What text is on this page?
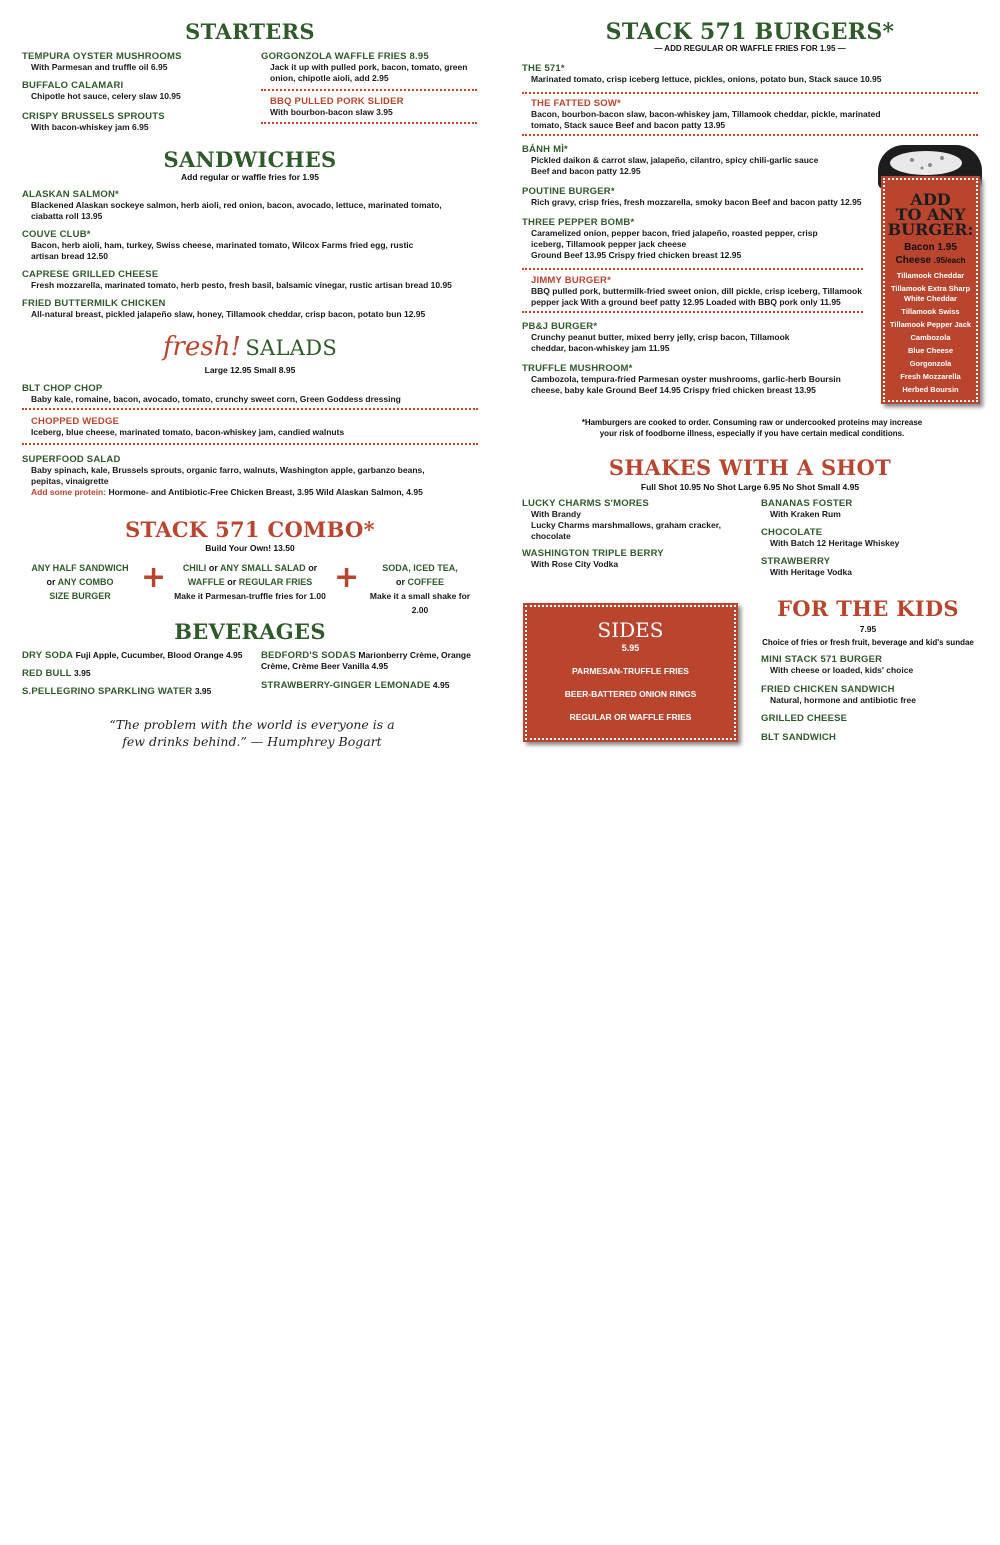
STARTERS
TEMPURA OYSTER MUSHROOMS
With Parmesan and truffle oil 6.95
BUFFALO CALAMARI
Chipotle hot sauce, celery slaw 10.95
CRISPY BRUSSELS SPROUTS
With bacon-whiskey jam 6.95
GORGONZOLA WAFFLE FRIES 8.95
Jack it up with pulled pork, bacon, tomato, green onion, chipotle aioli, add 2.95
BBQ PULLED PORK SLIDER
With bourbon-bacon slaw 3.95
SANDWICHES
Add regular or waffle fries for 1.95
ALASKAN SALMON*
Blackened Alaskan sockeye salmon, herb aioli, red onion, bacon, avocado, lettuce, marinated tomato, ciabatta roll 13.95
COUVE CLUB*
Bacon, herb aioli, ham, turkey, Swiss cheese, marinated tomato, Wilcox Farms fried egg, rustic artisan bread 12.50
CAPRESE GRILLED CHEESE
Fresh mozzarella, marinated tomato, herb pesto, fresh basil, balsamic vinegar, rustic artisan bread 10.95
FRIED BUTTERMILK CHICKEN
All-natural breast, pickled jalapeño slaw, honey, Tillamook cheddar, crisp bacon, potato bun 12.95
fresh! SALADS
Large 12.95 Small 8.95
BLT CHOP CHOP
Baby kale, romaine, bacon, avocado, tomato, crunchy sweet corn, Green Goddess dressing
CHOPPED WEDGE
Iceberg, blue cheese, marinated tomato, bacon-whiskey jam, candied walnuts
SUPERFOOD SALAD
Baby spinach, kale, Brussels sprouts, organic farro, walnuts, Washington apple, garbanzo beans, pepitas, vinaigrette
Add some protein: Hormone- and Antibiotic-Free Chicken Breast, 3.95 Wild Alaskan Salmon, 4.95
STACK 571 COMBO*
Build Your Own! 13.50
ANY HALF SANDWICH
or ANY COMBO
SIZE BURGER
+	CHILI or ANY SMALL SALAD or
WAFFLE or REGULAR FRIES
Make it Parmesan-truffle fries for 1.00
+	SODA, ICED TEA,
or COFFEE
Make it a small shake for 2.00
BEVERAGES
DRY SODA Fuji Apple, Cucumber, Blood Orange 4.95
RED BULL 3.95
S.PELLEGRINO SPARKLING WATER 3.95
BEDFORD'S SODAS Marionberry Crème, Orange Crème, Crème Beer Vanilla 4.95
STRAWBERRY-GINGER LEMONADE 4.95
“The problem with the world is everyone is a
few drinks behind.” — Humphrey Bogart
STACK 571 BURGERS*
— ADD REGULAR OR WAFFLE FRIES FOR 1.95 —
THE 571*
Marinated tomato, crisp iceberg lettuce, pickles, onions, potato bun, Stack sauce 10.95
THE FATTED SOW*
Bacon, bourbon-bacon slaw, bacon-whiskey jam, Tillamook cheddar, pickle, marinated tomato, Stack sauce Beef and bacon patty 13.95
BÁNH MÌ*
Pickled daikon & carrot slaw, jalapeño, cilantro, spicy chili-garlic sauce Beef and bacon patty 12.95
POUTINE BURGER*
Rich gravy, crisp fries, fresh mozzarella, smoky bacon Beef and bacon patty 12.95
THREE PEPPER BOMB*
Caramelized onion, pepper bacon, fried jalapeño, roasted pepper, crisp iceberg, Tillamook pepper jack cheese
Ground Beef 13.95 Crispy fried chicken breast 12.95
JIMMY BURGER*
BBQ pulled pork, buttermilk-fried sweet onion, dill pickle, crisp iceberg, Tillamook pepper jack With a ground beef patty 12.95 Loaded with BBQ pork only 11.95
PB&J BURGER*
Crunchy peanut butter, mixed berry jelly, crisp bacon, Tillamook cheddar, bacon-whiskey jam 11.95
TRUFFLE MUSHROOM*
Cambozola, tempura-fried Parmesan oyster mushrooms, garlic-herb Boursin cheese, baby kale Ground Beef 14.95 Crispy fried chicken breast 13.95
ADD
TO ANY
BURGER:
Bacon 1.95
Cheese .95/each
Tillamook Cheddar
Tillamook Extra Sharp White Cheddar
Tillamook Swiss
Tillamook Pepper Jack
Cambozola
Blue Cheese
Gorgonzola
Fresh Mozzarella
Herbed Boursin
*Hamburgers are cooked to order. Consuming raw or undercooked proteins may increase
your risk of foodborne illness, especially if you have certain medical conditions.
SHAKES WITH A SHOT
Full Shot 10.95 No Shot Large 6.95 No Shot Small 4.95
LUCKY CHARMS S'MORES
With Brandy
Lucky Charms marshmallows, graham cracker, chocolate
WASHINGTON TRIPLE BERRY
With Rose City Vodka
BANANAS FOSTER
With Kraken Rum
CHOCOLATE
With Batch 12 Heritage Whiskey
STRAWBERRY
With Heritage Vodka
SIDES
5.95
PARMESAN-TRUFFLE FRIES
BEER-BATTERED ONION RINGS
REGULAR OR WAFFLE FRIES
FOR THE KIDS
7.95
Choice of fries or fresh fruit, beverage and kid's sundae
MINI STACK 571 BURGER
With cheese or loaded, kids' choice
FRIED CHICKEN SANDWICH
Natural, hormone and antibiotic free
GRILLED CHEESE
BLT SANDWICH
